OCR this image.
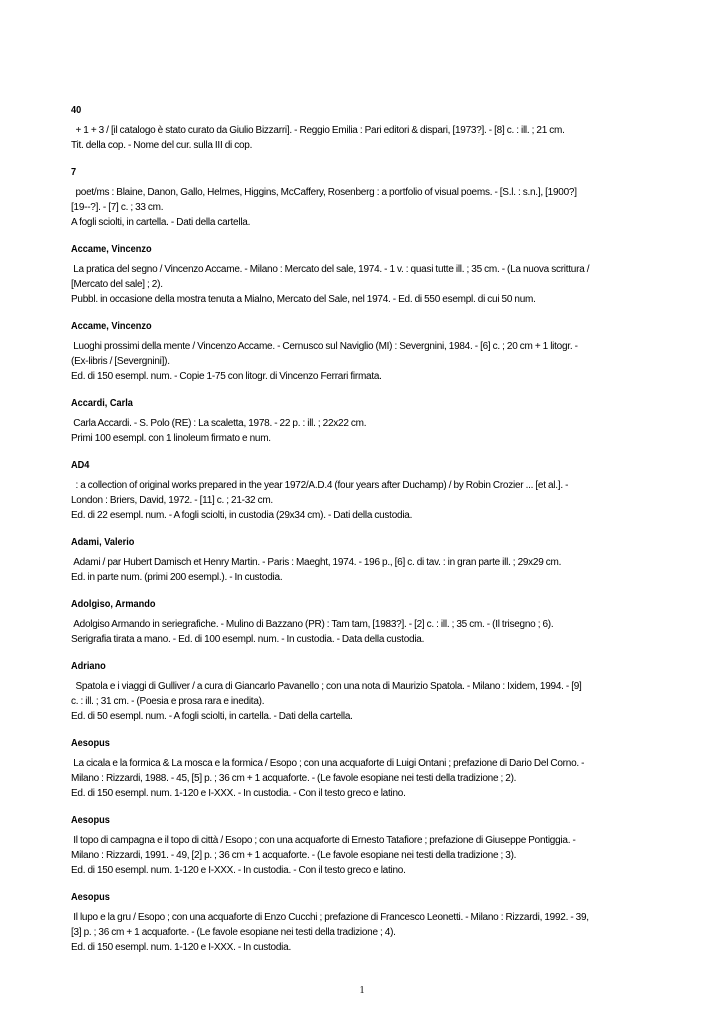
40
+ 1 + 3 / [il catalogo è stato curato da Giulio Bizzarri]. - Reggio Emilia : Pari editori & dispari, [1973?]. - [8] c. : ill. ; 21 cm.
Tit. della cop. - Nome del cur. sulla III di cop.
7
poet/ms : Blaine, Danon, Gallo, Helmes, Higgins, McCaffery, Rosenberg : a portfolio of visual poems. - [S.l. : s.n.], [1900?] [19--?]. - [7] c. ; 33 cm.
A fogli sciolti, in cartella. - Dati della cartella.
Accame, Vincenzo
La pratica del segno / Vincenzo Accame. - Milano : Mercato del sale, 1974. - 1 v. : quasi tutte ill. ; 35 cm. - (La nuova scrittura / [Mercato del sale] ; 2).
Pubbl. in occasione della mostra tenuta a Mialno, Mercato del Sale, nel 1974. - Ed. di 550 esempl. di cui 50 num.
Accame, Vincenzo
Luoghi prossimi della mente / Vincenzo Accame. - Cernusco sul Naviglio (MI) : Severgnini, 1984. - [6] c. ; 20 cm + 1 litogr. - (Ex-libris / [Severgnini]).
Ed. di 150 esempl. num. - Copie 1-75 con litogr. di Vincenzo Ferrari firmata.
Accardi, Carla
Carla Accardi. - S. Polo (RE) : La scaletta, 1978. - 22 p. : ill. ; 22x22 cm.
Primi 100 esempl. con 1 linoleum firmato e num.
AD4
: a collection of original works prepared in the year 1972/A.D.4 (four years after Duchamp) / by Robin Crozier ... [et al.]. - London : Briers, David, 1972. - [11] c. ; 21-32 cm.
Ed. di 22 esempl. num. - A fogli sciolti, in custodia (29x34 cm). - Dati della custodia.
Adami, Valerio
Adami / par Hubert Damisch et Henry Martin. - Paris : Maeght, 1974. - 196 p., [6] c. di tav. : in gran parte ill. ; 29x29 cm.
Ed. in parte num. (primi 200 esempl.). - In custodia.
Adolgiso, Armando
Adolgiso Armando in seriegrafiche. - Mulino di Bazzano (PR) : Tam tam, [1983?]. - [2] c. : ill. ; 35 cm. - (Il trisegno ; 6).
Serigrafia tirata a mano. - Ed. di 100 esempl. num. - In custodia. - Data della custodia.
Adriano
Spatola e i viaggi di Gulliver / a cura di Giancarlo Pavanello ; con una nota di Maurizio Spatola. - Milano : Ixidem, 1994. - [9] c. : ill. ; 31 cm. - (Poesia e prosa rara e inedita).
Ed. di 50 esempl. num. - A fogli sciolti, in cartella. - Dati della cartella.
Aesopus
La cicala e la formica & La mosca e la formica / Esopo ; con una acquaforte di Luigi Ontani ; prefazione di Dario Del Corno. - Milano : Rizzardi, 1988. - 45, [5] p. ; 36 cm + 1 acquaforte. - (Le favole esopiane nei testi della tradizione ; 2).
Ed. di 150 esempl. num. 1-120 e I-XXX. - In custodia. - Con il testo greco e latino.
Aesopus
Il topo di campagna e il topo di città / Esopo ; con una acquaforte di Ernesto Tatafiore ; prefazione di Giuseppe Pontiggia. - Milano : Rizzardi, 1991. - 49, [2] p. ; 36 cm + 1 acquaforte. - (Le favole esopiane nei testi della tradizione ; 3).
Ed. di 150 esempl. num. 1-120 e I-XXX. - In custodia. - Con il testo greco e latino.
Aesopus
Il lupo e la gru / Esopo ; con una acquaforte di Enzo Cucchi ; prefazione di Francesco Leonetti. - Milano : Rizzardi, 1992. - 39, [3] p. ; 36 cm + 1 acquaforte. - (Le favole esopiane nei testi della tradizione ; 4).
Ed. di 150 esempl. num. 1-120 e I-XXX. - In custodia.
1
